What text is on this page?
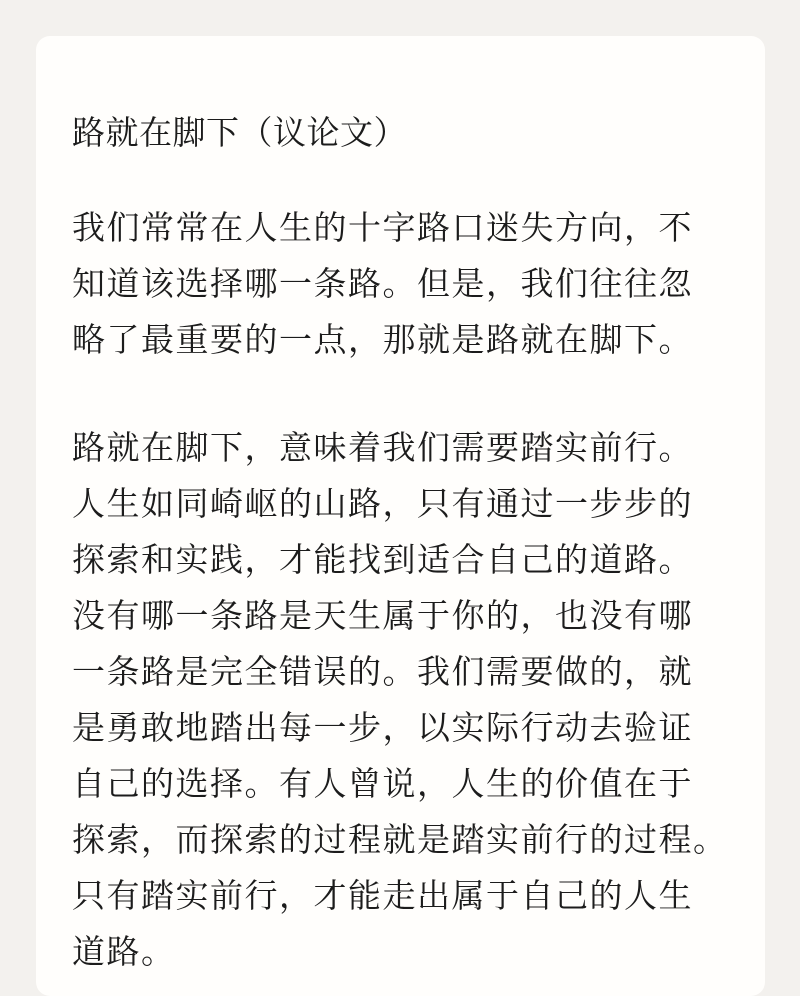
路就在脚下（议论文）

我们常常在人生的十字路口迷失方向，不
知道该选择哪一条路。但是，我们往往忽
略了最重要的一点，那就是路就在脚下。

路就在脚下，意味着我们需要踏实前行。
人生如同崎岖的山路，只有通过一步步的
探索和实践，才能找到适合自己的道路。
没有哪一条路是天生属于你的，也没有哪
一条路是完全错误的。我们需要做的，就
是勇敢地踏出每一步，以实际行动去验证
自己的选择。有人曾说，人生的价值在于
探索，而探索的过程就是踏实前行的过程。
只有踏实前行，才能走出属于自己的人生
道路。
